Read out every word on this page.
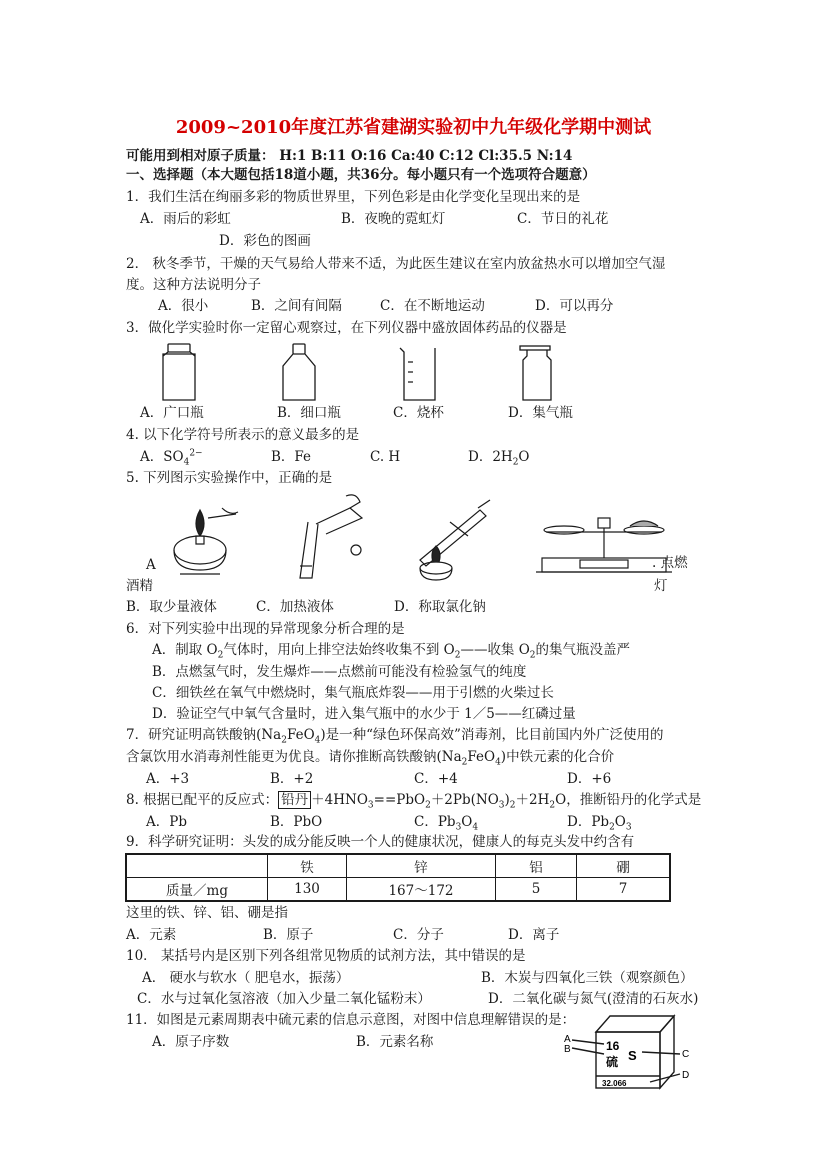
2009~2010年度江苏省建湖实验初中九年级化学期中测试
可能用到相对原子质量： H:1 B:11 O:16 Ca:40 C:12 Cl:35.5 N:14
一、选择题（本大题包括18道小题，共36分。每小题只有一个选项符合题意）
1．我们生活在绚丽多彩的物质世界里，下列色彩是由化学变化呈现出来的是
A．雨后的彩虹	B．夜晚的霓虹灯	C．节日的礼花
D．彩色的图画
2． 秋冬季节，干燥的天气易给人带来不适，为此医生建议在室内放盆热水可以增加空气湿
度。这种方法说明分子
A．很小	B．之间有间隔	C．在不断地运动	D．可以再分
3．做化学实验时你一定留心观察过，在下列仪器中盛放固体药品的仪器是
A．广口瓶	B．细口瓶	C．烧杯	D．集气瓶
4. 以下化学符号所表示的意义最多的是
A．$SO_4^{2-}$	B．Fe	C. H	D．$2H_2O$
5. 下列图示实验操作中，正确的是
A	. 点燃
酒精	灯
B．取少量液体	C．加热液体	D．称取氯化钠
6．对下列实验中出现的异常现象分析合理的是
A．制取 $O_2$气体时，用向上排空法始终收集不到 $O_2——$收集 $O_2$的集气瓶没盖严
B．点燃氢气时，发生爆炸——点燃前可能没有检验氢气的纯度
C．细铁丝在氧气中燃烧时，集气瓶底炸裂——用于引燃的火柴过长
D．验证空气中氧气含量时，进入集气瓶中的水少于 1／5——红磷过量
7．研究证明高铁酸钠$(Na_2FeO_4)$是一种“绿色环保高效”消毒剂，比目前国内外广泛使用的
含氯饮用水消毒剂性能更为优良。请你推断高铁酸钠$(Na_2FeO_4)$中铁元素的化合价
A．+3	B．+2	C．+4	D．+6
8. 根据已配平的反应式： 铅丹 $+4HNO_3==PbO_2+2Pb(NO_3)_2+2H_2O$，推断铅丹的化学式是
A．Pb	B．PbO	C．$Pb_3O_4$	D．$Pb_2O_3$
9．科学研究证明：头发的成分能反映一个人的健康状况，健康人的每克头发中约含有
	铁	锌	铝	硼
质量／mg	130	167～172	5	7
这里的铁、锌、铝、硼是指
A．元素	B．原子	C．分子	D．离子
10． 某括号内是区别下列各组常见物质的试剂方法，其中错误的是
A． 硬水与软水（ 肥皂水，振荡）	B．木炭与四氧化三铁（观察颜色）
C．水与过氧化氢溶液（加入少量二氧化锰粉末）	D．二氧化碳与氮气(澄清的石灰水)
11．如图是元素周期表中硫元素的信息示意图，对图中信息理解错误的是：
A．原子序数	B．元素名称	16
硫 S
32.066
A
B	C
D
